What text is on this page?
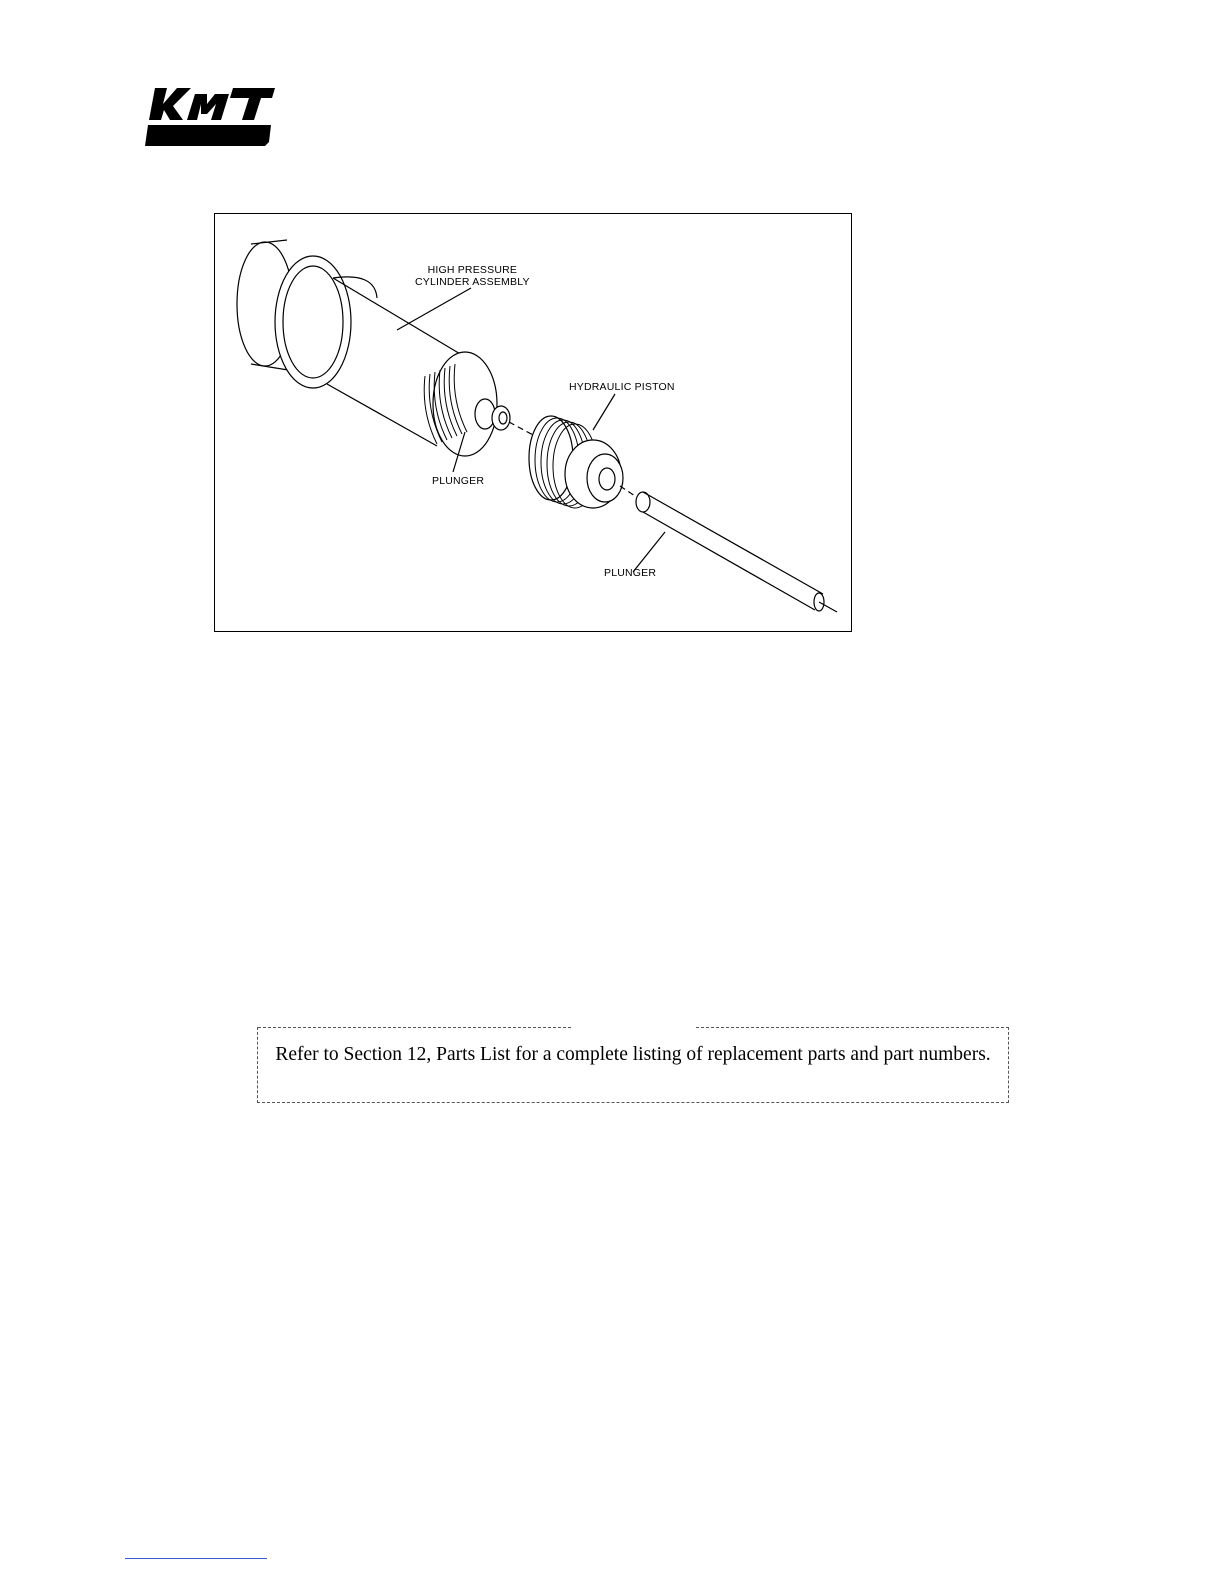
HIGH PRESSURE
CYLINDER ASSEMBLY
HYDRAULIC PISTON
PLUNGER
PLUNGER
Refer to Section 12, Parts List for a complete listing of replacement parts and part numbers.
